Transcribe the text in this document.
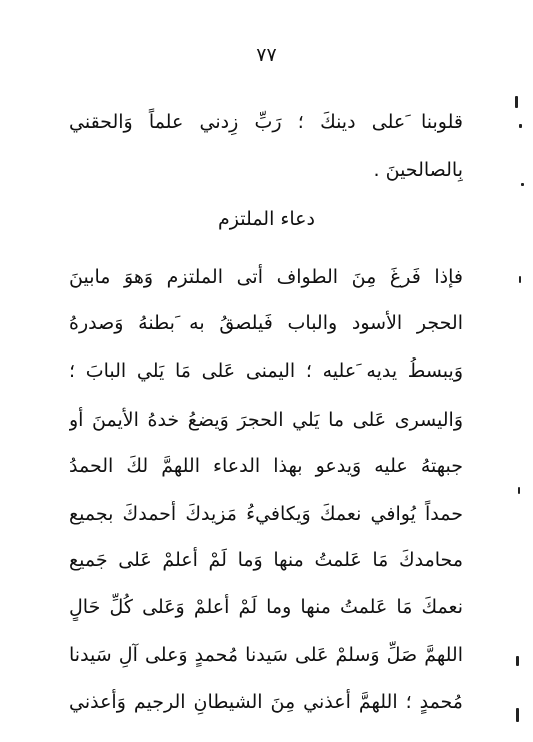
٧٧
ُقلوبنا َعلى دينكَ ؛ رَبِّ زِدني علماً وَالحقني
بِالصالحينَ .
دعاء الملتزم
َفإذا فَرغَ مِنَ الطواف أتى الملتزم وَهوَ مابينَ
الحجر الأسود والباب فَيلصقُ به َبطنهُ وَصدرهُ
وَيبسطُ يديه َعليه ؛ اليمنى عَلى مَا يَلي البابَ ؛
وَاليسرى عَلى ما يَلي الحجرَ وَيضعُ خدهُ الأيمنَ أو
َجبهتهُ عليه وَيدعو بهذا الدعاء اللهمَّ لكَ الحمدُ
َحمداً يُوافي نعمكَ وَيكافيءُ مَزيدكَ أَحمدكَ بجميع
َمحامدكَ مَا عَلمتُ منها وَما لَمْ أعلمْ عَلى جَميع
نعمكَ مَا عَلمتُ منها وما لَمْ أعلمْ وَعَلى كُلِّ حَالٍ
اللهمَّ صَلِّ وَسلمْ عَلى سَيدنا مُحمدٍ وَعلى آلِ سَيدنا
مُحمدٍ ؛ اللهمَّ أعذني مِنَ الشيطانِ الرجيم وَأعذني
